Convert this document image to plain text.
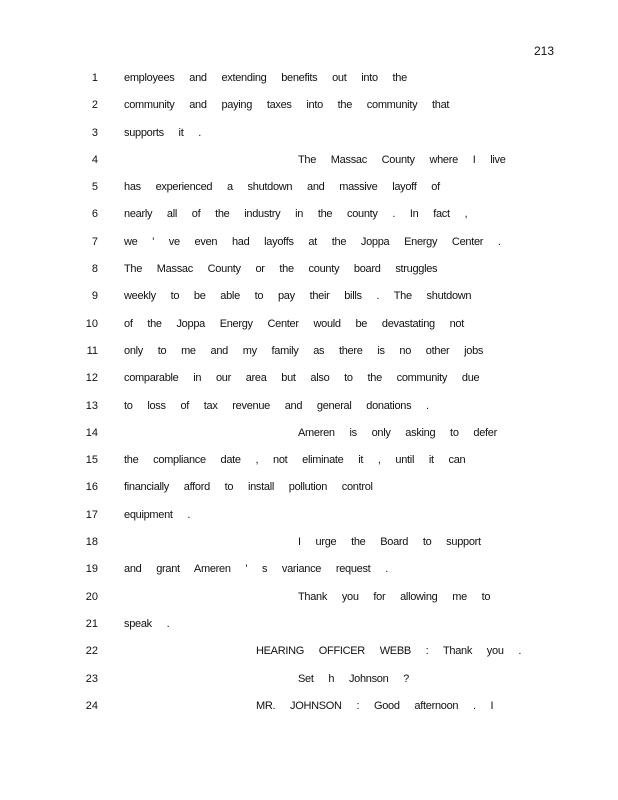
213
1 employees and extending benefits out into the
2 community and paying taxes into the community that
3 supports it .
4	The Massac County where I live
5 has experienced a shutdown and massive layoff of
6 nearly all of the industry in the county . In fact ,
7 we ' ve even had layoffs at the Joppa Energy Center .
8 The Massac County or the county board struggles
9 weekly to be able to pay their bills . The shutdown
10 of the Joppa Energy Center would be devastating not
11 only to me and my family as there is no other jobs
12 comparable in our area but also to the community due
13 to loss of tax revenue and general donations .
14	Ameren is only asking to defer
15 the compliance date , not eliminate it , until it can
16 financially afford to install pollution control
17 equipment .
18	I urge the Board to support
19 and grant Ameren ' s variance request .
20	Thank you for allowing me to
21 speak .
22	HEARING OFFICER WEBB : Thank you .
23	Set h Johnson ?
24	MR. JOHNSON : Good afternoon . I
